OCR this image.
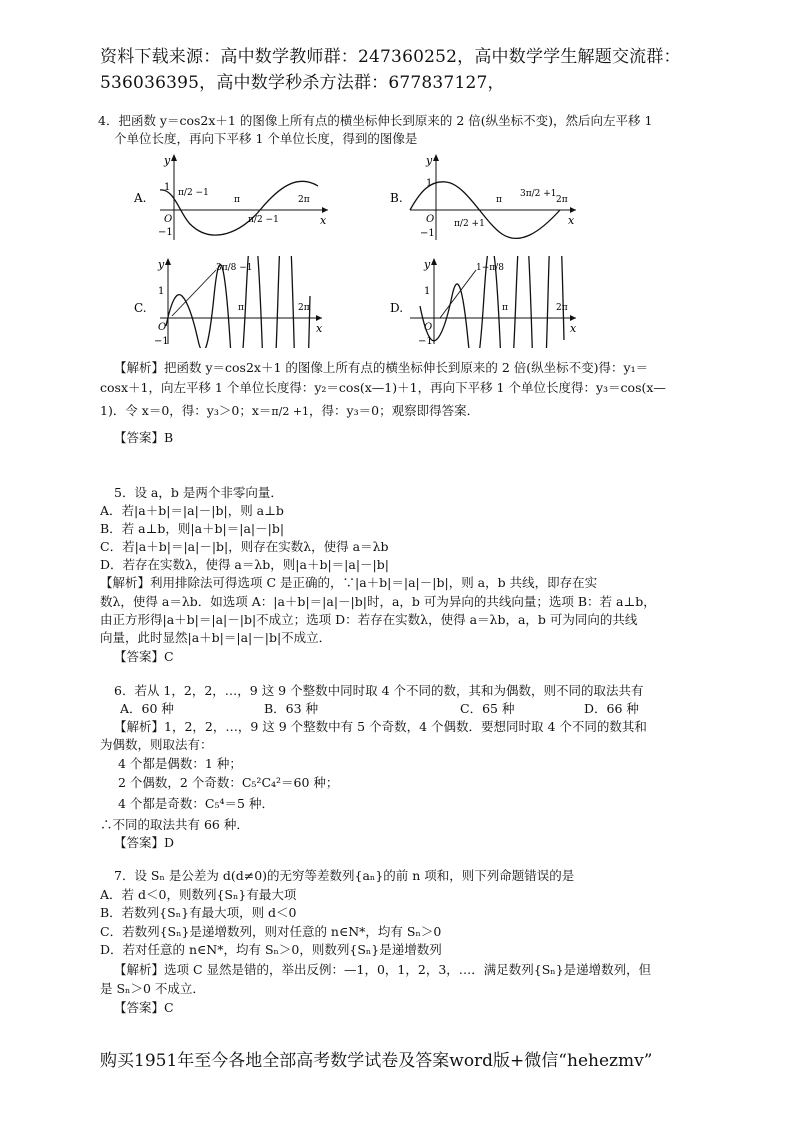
资料下载来源：高中数学教师群：247360252，高中数学学生解题交流群：
536036395，高中数学秒杀方法群：677837127，
4．把函数 y＝cos2x＋1 的图像上所有点的横坐标伸长到原来的 2 倍(纵坐标不变)，然后向左平移 1
个单位长度，再向下平移 1 个单位长度，得到的图像是
A.
y
x
O
1
−1
π/2 −1
π
π/2 −1
2π	B.
y
x
O
1
−1
π/2 +1
π
3π/2 +1
2π
C.
y
x
O
1
−1
3π/8 −1
π	2π	D.
y
x
O
1
−1
1−π/8
π	2π
【解析】把函数 y＝cos2x＋1 的图像上所有点的横坐标伸长到原来的 2 倍(纵坐标不变)得：y₁＝
cosx＋1，向左平移 1 个单位长度得：y₂＝cos(x—1)＋1，再向下平移 1 个单位长度得：y₃＝cos(x—
1)．令 x＝0，得：y₃＞0；x＝π/2 +1，得：y₃＝0；观察即得答案．
【答案】B
5．设 a，b 是两个非零向量．
A．若|a＋b|＝|a|－|b|，则 a⊥b
B．若 a⊥b，则|a＋b|＝|a|－|b|
C．若|a＋b|＝|a|－|b|，则存在实数λ，使得 a＝λb
D．若存在实数λ，使得 a＝λb，则|a＋b|＝|a|－|b|
【解析】利用排除法可得选项 C 是正确的，∵|a＋b|＝|a|－|b|，则 a，b 共线，即存在实
数λ，使得 a＝λb．如选项 A：|a＋b|＝|a|－|b|时，a，b 可为异向的共线向量；选项 B：若 a⊥b，
由正方形得|a＋b|＝|a|－|b|不成立；选项 D：若存在实数λ，使得 a＝λb，a，b 可为同向的共线
向量，此时显然|a＋b|＝|a|－|b|不成立．
【答案】C
6．若从 1，2，2，…，9 这 9 个整数中同时取 4 个不同的数，其和为偶数，则不同的取法共有
A．60 种	B．63 种	C．65 种	D．66 种
【解析】1，2，2，…，9 这 9 个整数中有 5 个奇数，4 个偶数．要想同时取 4 个不同的数其和
为偶数，则取法有：
4 个都是偶数：1 种；
2 个偶数，2 个奇数：C₅²C₄²＝60 种；
4 个都是奇数：C₅⁴＝5 种．
∴不同的取法共有 66 种．
【答案】D
7．设 Sₙ 是公差为 d(d≠0)的无穷等差数列{aₙ}的前 n 项和，则下列命题错误的是
A．若 d＜0，则数列{Sₙ}有最大项
B．若数列{Sₙ}有最大项，则 d＜0
C．若数列{Sₙ}是递增数列，则对任意的 n∈N*，均有 Sₙ＞0
D．若对任意的 n∈N*，均有 Sₙ＞0，则数列{Sₙ}是递增数列
【解析】选项 C 显然是错的，举出反例：—1，0，1，2，3，…．满足数列{Sₙ}是递增数列，但
是 Sₙ＞0 不成立．
【答案】C
购买1951年至今各地全部高考数学试卷及答案word版+微信“hehezmv”
